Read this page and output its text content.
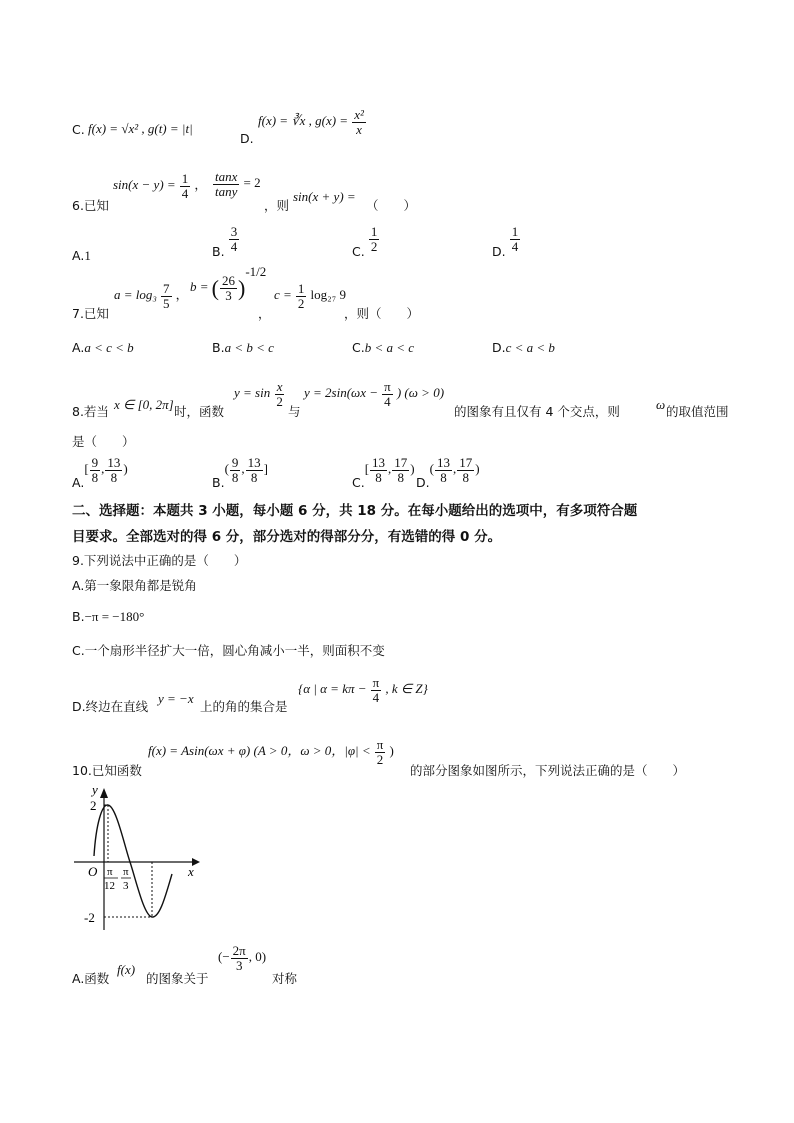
C. f(x) = √x² , g(t) = |t|
D.
f(x) = ∛x , $g(x) = \frac{\text{x²}}{x}$
6.已知
$\sin(x - y) = \frac{1}{4}$ ， $\frac{\tan x}{\tan y} = 2$
，则
sin(x + y) =
（　　）
A.1	B. $\frac{3}{4}$	C. $\frac{1}{2}$	D. $\frac{1}{4}$
7.已知
$a = \log_3 \frac{7}{5}$ ，
b = ( $\frac{26}{3} )^{-1/2}$
，
$c = \frac{1}{2} \log_{27}$ 9
，则（　　）
A.a < c < b	B.a < b < c	C.b < a < c	D.c < a < b
8.若当 x ∈ [0, 2π] 时，函数
$y = \sin \frac{x}{2}$
与
$y = 2\sin(\omega x - \frac{\pi}{4}$ ) (ω > 0)
的图象有且仅有 4 个交点，则	ω 的取值范围
是（　　）
$A.[ \frac{9}{8}$ , $\frac{13}{8}$ )
$B.( \frac{9}{8}$ , $\frac{13}{8}$ ]
$C.[ \frac{13}{8}$ , $\frac{17}{8}$ )
$D.( \frac{13}{8}$ , $\frac{17}{8}$ )
二、选择题：本题共 3 小题，每小题 6 分，共 18 分。在每小题给出的选项中，有多项符合题
目要求。全部选对的得 6 分，部分选对的得部分分，有选错的得 0 分。
9.下列说法中正确的是（　　）
A.第一象限角都是锐角
B.−π = −180°
C.一个扇形半径扩大一倍，圆心角减小一半，则面积不变
D.终边在直线
y = −x
上的角的集合是
{α | $\alpha = k\pi - \frac{\pi}{4}$ , k ∈ Z}
10.已知函数
f(x) = Asin(ωx + φ) (A > 0，ω > 0，$|\varphi| < \frac{\pi}{2}$ )
的部分图象如图所示，下列说法正确的是（　　）
y
x
O
2
-2
π
12
π
3
A.函数
f(x)
的图象关于
(− $\frac{2\pi}{3}$ , 0)
对称
